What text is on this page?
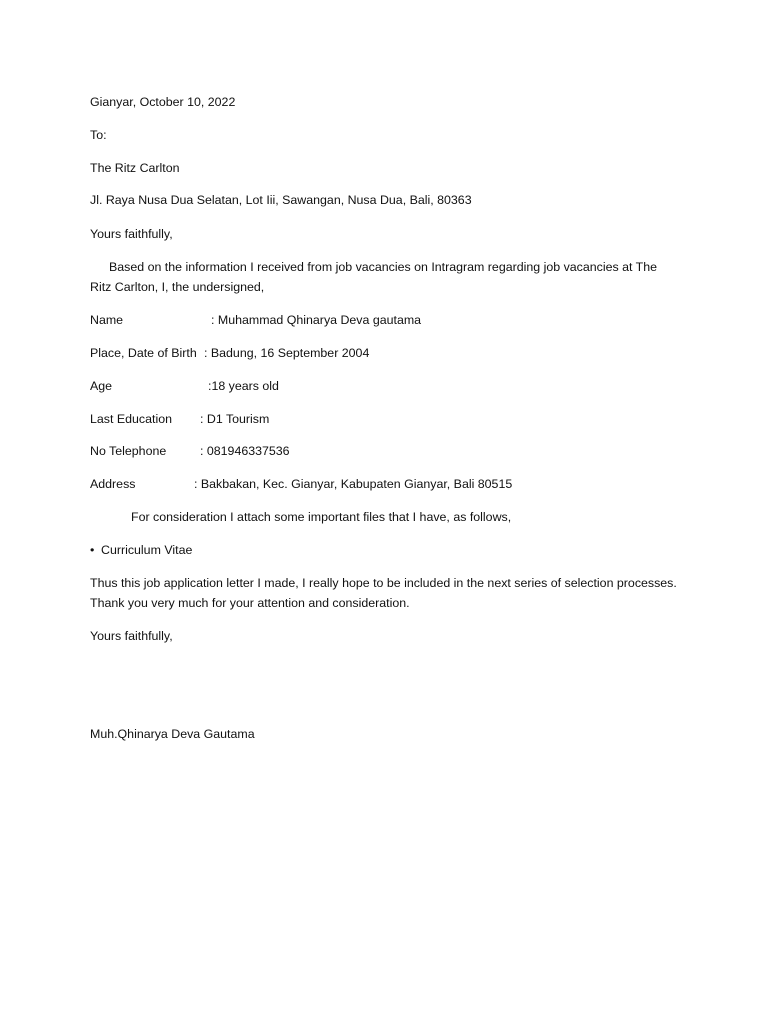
Gianyar, October 10, 2022
To:
The Ritz Carlton
Jl. Raya Nusa Dua Selatan, Lot Iii, Sawangan, Nusa Dua, Bali, 80363
Yours faithfully,
Based on the information I received from job vacancies on Intragram regarding job vacancies at The Ritz Carlton, I, the undersigned,
Name	: Muhammad Qhinarya Deva gautama
Place, Date of Birth : Badung, 16 September 2004
Age	:18 years old
Last Education : D1 Tourism
No Telephone	: 081946337536
Address	: Bakbakan, Kec. Gianyar, Kabupaten Gianyar, Bali 80515
For consideration I attach some important files that I have, as follows,
• Curriculum Vitae
Thus this job application letter I made, I really hope to be included in the next series of selection processes. Thank you very much for your attention and consideration.
Yours faithfully,
Muh.Qhinarya Deva Gautama
